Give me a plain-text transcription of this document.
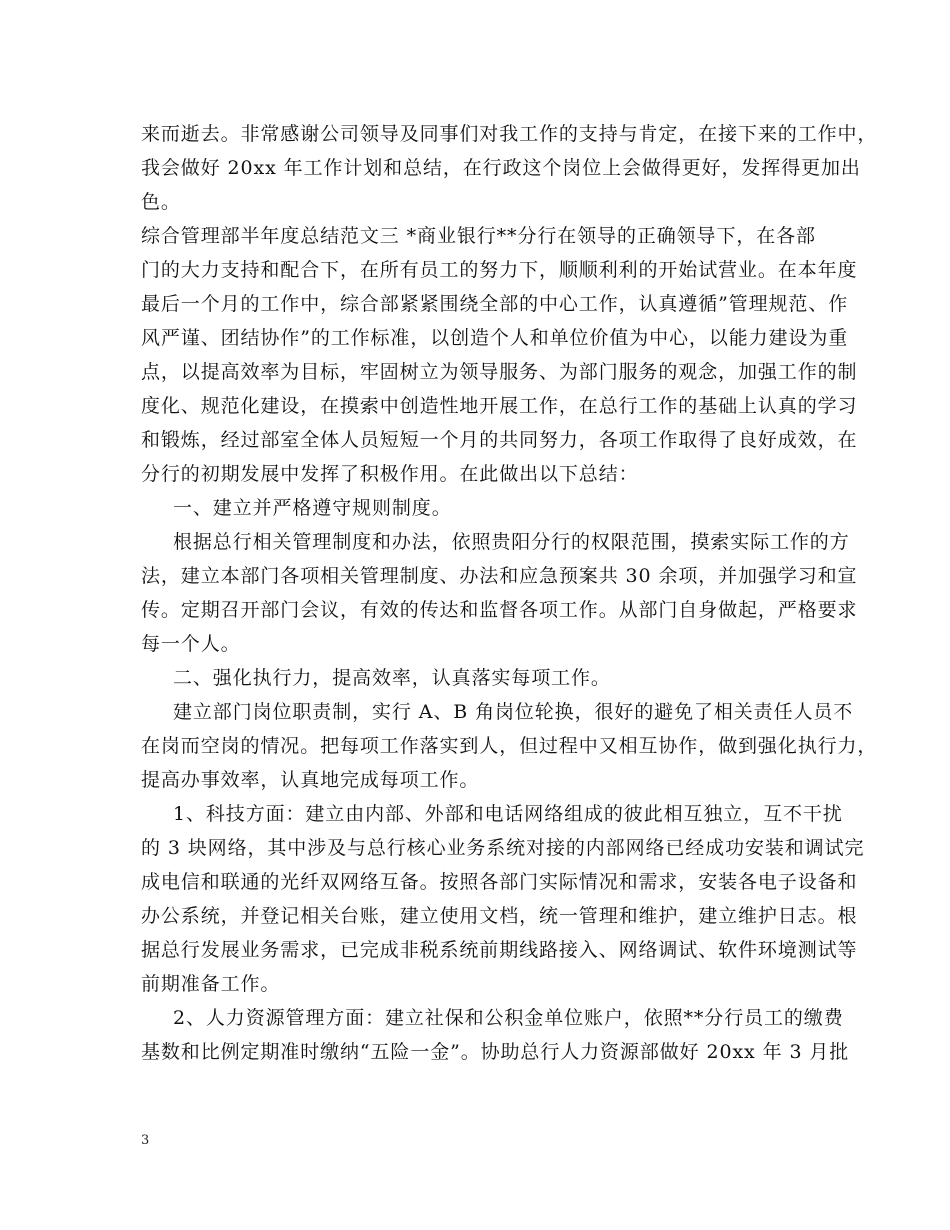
来而逝去。非常感谢公司领导及同事们对我工作的支持与肯定，在接下来的工作中，
我会做好 20xx 年工作计划和总结，在行政这个岗位上会做得更好，发挥得更加出
色。
综合管理部半年度总结范文三 *商业银行**分行在领导的正确领导下，在各部
门的大力支持和配合下，在所有员工的努力下，顺顺利利的开始试营业。在本年度
最后一个月的工作中，综合部紧紧围绕全部的中心工作，认真遵循”管理规范、作
风严谨、团结协作”的工作标准，以创造个人和单位价值为中心，以能力建设为重
点，以提高效率为目标，牢固树立为领导服务、为部门服务的观念，加强工作的制
度化、规范化建设，在摸索中创造性地开展工作，在总行工作的基础上认真的学习
和锻炼，经过部室全体人员短短一个月的共同努力，各项工作取得了良好成效，在
分行的初期发展中发挥了积极作用。在此做出以下总结：
一、建立并严格遵守规则制度。
根据总行相关管理制度和办法，依照贵阳分行的权限范围，摸索实际工作的方
法，建立本部门各项相关管理制度、办法和应急预案共 30 余项，并加强学习和宣
传。定期召开部门会议，有效的传达和监督各项工作。从部门自身做起，严格要求
每一个人。
二、强化执行力，提高效率，认真落实每项工作。
建立部门岗位职责制，实行 A、B 角岗位轮换，很好的避免了相关责任人员不
在岗而空岗的情况。把每项工作落实到人，但过程中又相互协作，做到强化执行力，
提高办事效率，认真地完成每项工作。
1、科技方面：建立由内部、外部和电话网络组成的彼此相互独立，互不干扰
的 3 块网络，其中涉及与总行核心业务系统对接的内部网络已经成功安装和调试完
成电信和联通的光纤双网络互备。按照各部门实际情况和需求，安装各电子设备和
办公系统，并登记相关台账，建立使用文档，统一管理和维护，建立维护日志。根
据总行发展业务需求，已完成非税系统前期线路接入、网络调试、软件环境测试等
前期准备工作。
2、人力资源管理方面：建立社保和公积金单位账户，依照**分行员工的缴费
基数和比例定期准时缴纳“五险一金”。协助总行人力资源部做好 20xx 年 3 月批
3
